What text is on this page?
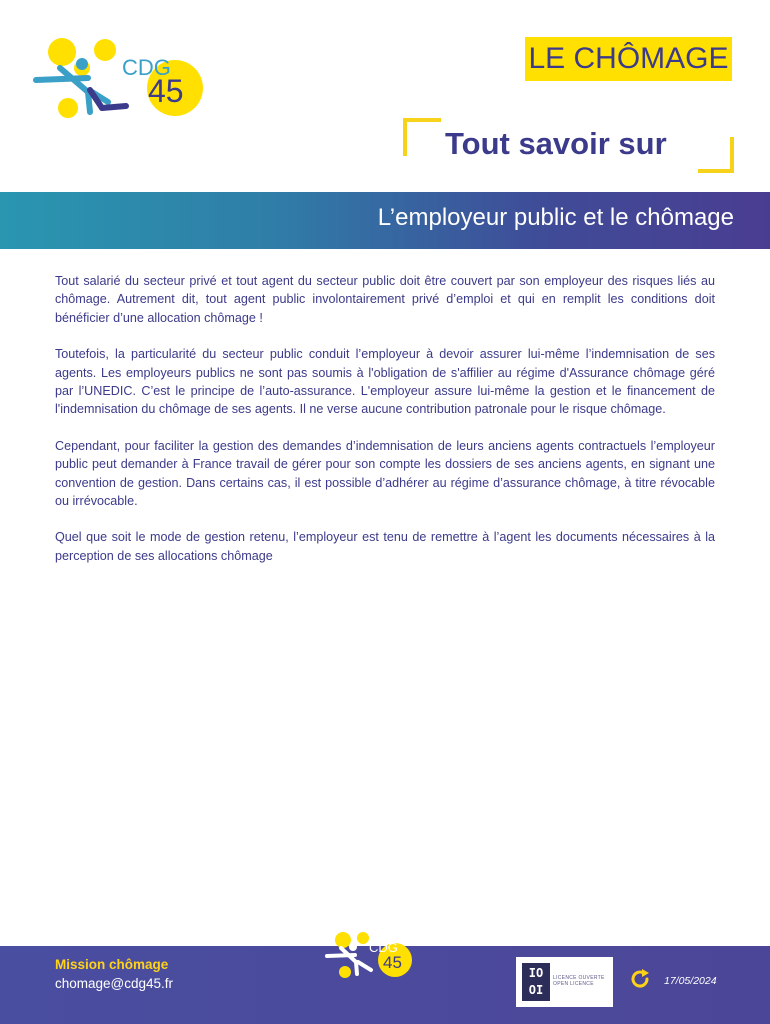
CDG
45
LE CHÔMAGE
Tout savoir sur
L’employeur public et le chômage

Tout salarié du secteur privé et tout agent du secteur public doit être couvert par son employeur des risques liés au chômage. Autrement dit, tout agent public involontairement privé d’emploi et qui en remplit les conditions doit bénéficier d’une allocation chômage !

Toutefois, la particularité du secteur public conduit l’employeur à devoir assurer lui-même l’indemnisation de ses agents. Les employeurs publics ne sont pas soumis à l'obligation de s'affilier au régime d'Assurance chômage géré par l’UNEDIC. C’est le principe de l’auto-assurance. L'employeur assure lui-même la gestion et le financement de l'indemnisation du chômage de ses agents. Il ne verse aucune contribution patronale pour le risque chômage.

Cependant, pour faciliter la gestion des demandes d’indemnisation de leurs anciens agents contractuels l’employeur public peut demander à France travail de gérer pour son compte les dossiers de ses anciens agents, en signant une convention de gestion. Dans certains cas, il est possible d’adhérer au régime d’assurance chômage, à titre révocable ou irrévocable.

Quel que soit le mode de gestion retenu, l’employeur est tenu de remettre à l’agent les documents nécessaires à la perception de ses allocations chômage

Mission chômage
chomage@cdg45.fr
CDG
45
IO OI
LICENCE OUVERTE OPEN LICENCE	17/05/2024
